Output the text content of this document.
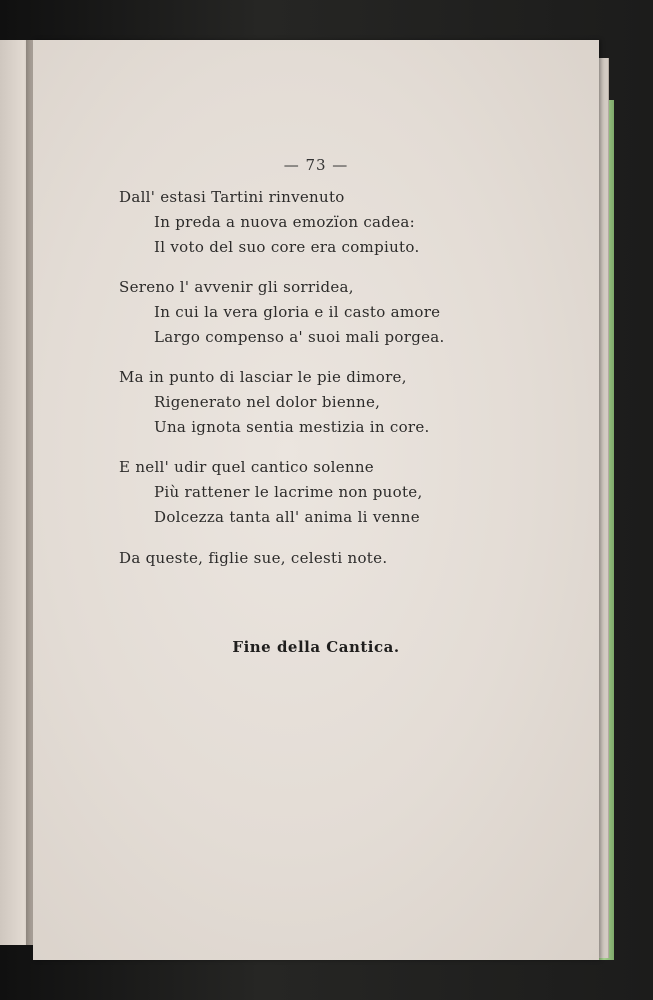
— 73 —
Dall' estasi Tartini rinvenuto
In preda a nuova emozïon cadea:
Il voto del suo core era compiuto.
Sereno l' avvenir gli sorridea,
In cui la vera gloria e il casto amore
Largo compenso a' suoi mali porgea.
Ma in punto di lasciar le pie dimore,
Rigenerato nel dolor bienne,
Una ignota sentia mestizia in core.
E nell' udir quel cantico solenne
Più rattener le lacrime non puote,
Dolcezza tanta all' anima li venne
Da queste, figlie sue, celesti note.
Fine della Cantica.
